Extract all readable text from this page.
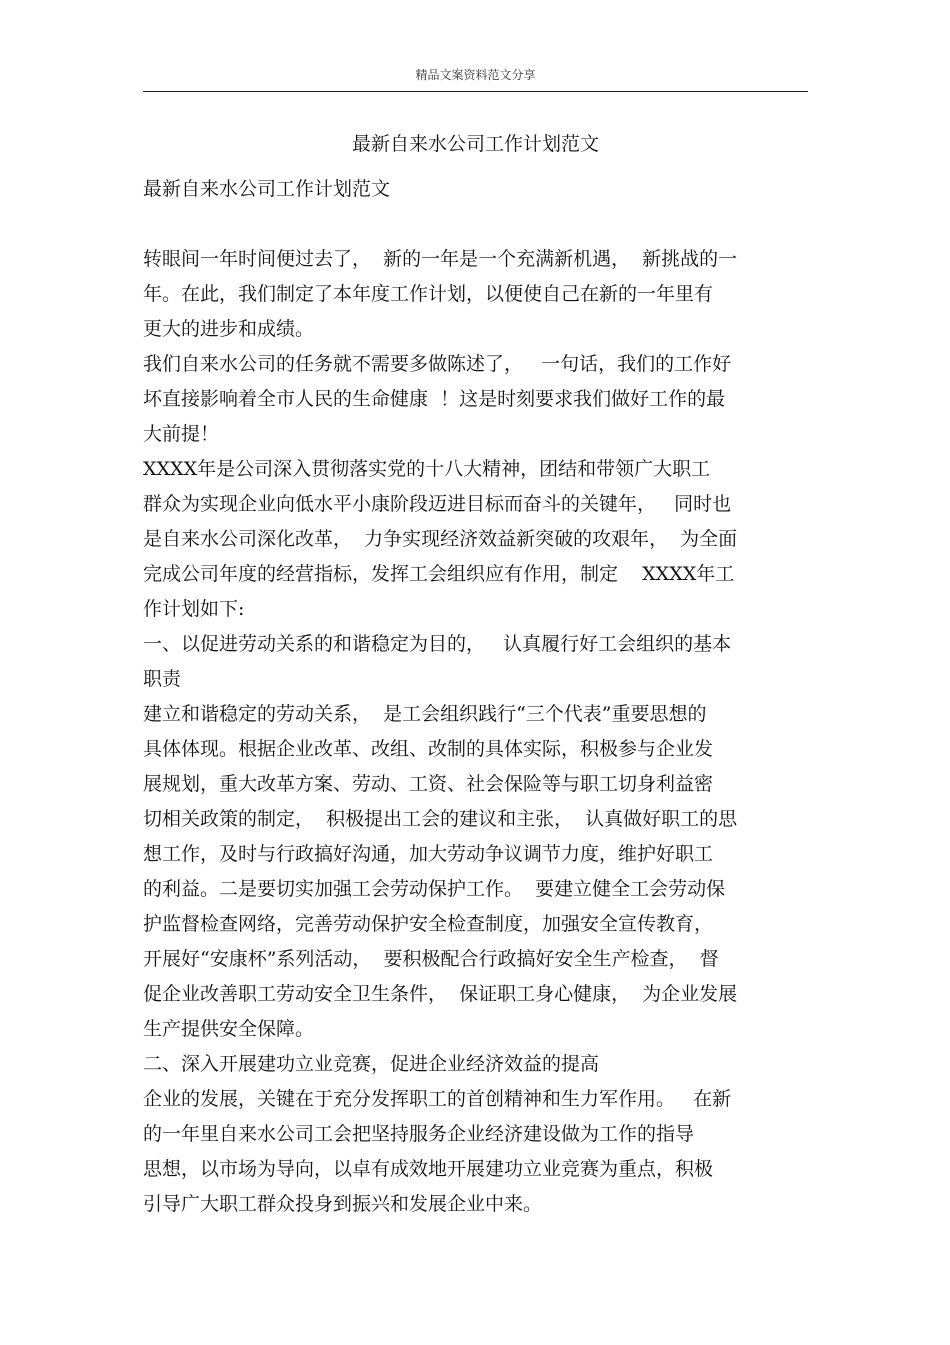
精品文案资料范文分享
最新自来水公司工作计划范文
最新自来水公司工作计划范文
转眼间一年时间便过去了，  新的一年是一个充满新机遇，  新挑战的一
年。在此，我们制定了本年度工作计划，以便使自己在新的一年里有
更大的进步和成绩。
我们自来水公司的任务就不需要多做陈述了，   一句话，我们的工作好
坏直接影响着全市人民的生命健康  ！这是时刻要求我们做好工作的最
大前提！
XXXX年是公司深入贯彻落实党的十八大精神，团结和带领广大职工
群众为实现企业向低水平小康阶段迈进目标而奋斗的关键年，   同时也
是自来水公司深化改革，  力争实现经济效益新突破的攻艰年，  为全面
完成公司年度的经营指标，发挥工会组织应有作用，制定    XXXX年工
作计划如下:
一、以促进劳动关系的和谐稳定为目的，   认真履行好工会组织的基本
职责
建立和谐稳定的劳动关系，  是工会组织践行“三个代表”重要思想的
具体体现。根据企业改革、改组、改制的具体实际，积极参与企业发
展规划，重大改革方案、劳动、工资、社会保险等与职工切身利益密
切相关政策的制定，  积极提出工会的建议和主张，  认真做好职工的思
想工作，及时与行政搞好沟通，加大劳动争议调节力度，维护好职工
的利益。二是要切实加强工会劳动保护工作。  要建立健全工会劳动保
护监督检查网络，完善劳动保护安全检查制度，加强安全宣传教育，
开展好“安康杯”系列活动，  要积极配合行政搞好安全生产检查，  督
促企业改善职工劳动安全卫生条件，  保证职工身心健康，  为企业发展
生产提供安全保障。
二、深入开展建功立业竞赛，促进企业经济效益的提高
企业的发展，关键在于充分发挥职工的首创精神和生力军作用。   在新
的一年里自来水公司工会把坚持服务企业经济建设做为工作的指导
思想，以市场为导向，以卓有成效地开展建功立业竞赛为重点，积极
引导广大职工群众投身到振兴和发展企业中来。
